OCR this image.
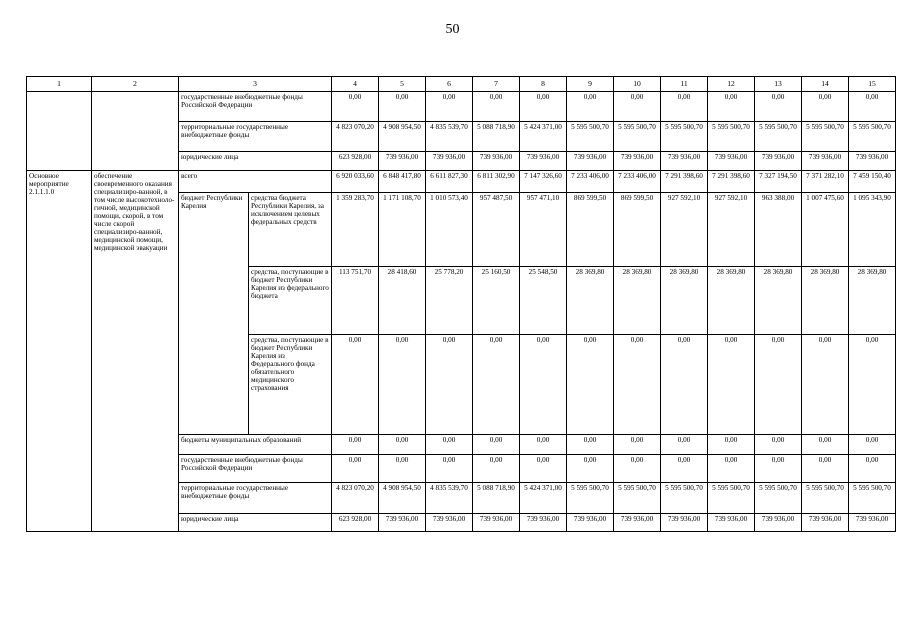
50
1	2	3		4	5	6	7	8	9	10	11	12	13	14	15
		государственные внебюджетные фонды Российской Федерации		0,00	0,00	0,00	0,00	0,00	0,00	0,00	0,00	0,00	0,00	0,00	0,00
		территориальные государственные внебюджетные фонды		4 823 070,20	4 908 954,50	4 835 539,70	5 088 718,90	5 424 371,00	5 595 500,70	5 595 500,70	5 595 500,70	5 595 500,70	5 595 500,70	5 595 500,70	5 595 500,70
		юридические лица		623 928,00	739 936,00	739 936,00	739 936,00	739 936,00	739 936,00	739 936,00	739 936,00	739 936,00	739 936,00	739 936,00	739 936,00
Основное мероприятие 2.1.1.1.0	обеспечение своевременного оказания специализиро-ванной, в том числе высокотехноло-гичной, медицинской помощи, скорой, в том числе скорой специализиро-ванной, медицинской помощи, медицинской эвакуации	всего		6 920 033,60	6 848 417,80	6 611 827,30	6 811 302,90	7 147 326,60	7 233 406,00	7 233 406,00	7 291 398,60	7 291 398,60	7 327 194,50	7 371 282,10	7 459 150,40
		бюджет Республики Карелия	средства бюджета Республики Карелия, за исключением целевых федеральных средств	1 359 283,70	1 171 108,70	1 010 573,40	957 487,50	957 471,10	869 599,50	869 599,50	927 592,10	927 592,10	963 388,00	1 007 475,60	1 095 343,90
			средства, поступающие в бюджет Республики Карелия из федерального бюджета	113 751,70	28 418,60	25 778,20	25 160,50	25 548,50	28 369,80	28 369,80	28 369,80	28 369,80	28 369,80	28 369,80	28 369,80
			средства, поступающие в бюджет Республики Карелия из Федерального фонда обязательного медицинского страхования	0,00	0,00	0,00	0,00	0,00	0,00	0,00	0,00	0,00	0,00	0,00	0,00
		бюджеты муниципальных образований		0,00	0,00	0,00	0,00	0,00	0,00	0,00	0,00	0,00	0,00	0,00	0,00
		государственные внебюджетные фонды Российской Федерации		0,00	0,00	0,00	0,00	0,00	0,00	0,00	0,00	0,00	0,00	0,00	0,00
		территориальные государственные внебюджетные фонды		4 823 070,20	4 908 954,50	4 835 539,70	5 088 718,90	5 424 371,00	5 595 500,70	5 595 500,70	5 595 500,70	5 595 500,70	5 595 500,70	5 595 500,70	5 595 500,70
		юридические лица		623 928,00	739 936,00	739 936,00	739 936,00	739 936,00	739 936,00	739 936,00	739 936,00	739 936,00	739 936,00	739 936,00	739 936,00
